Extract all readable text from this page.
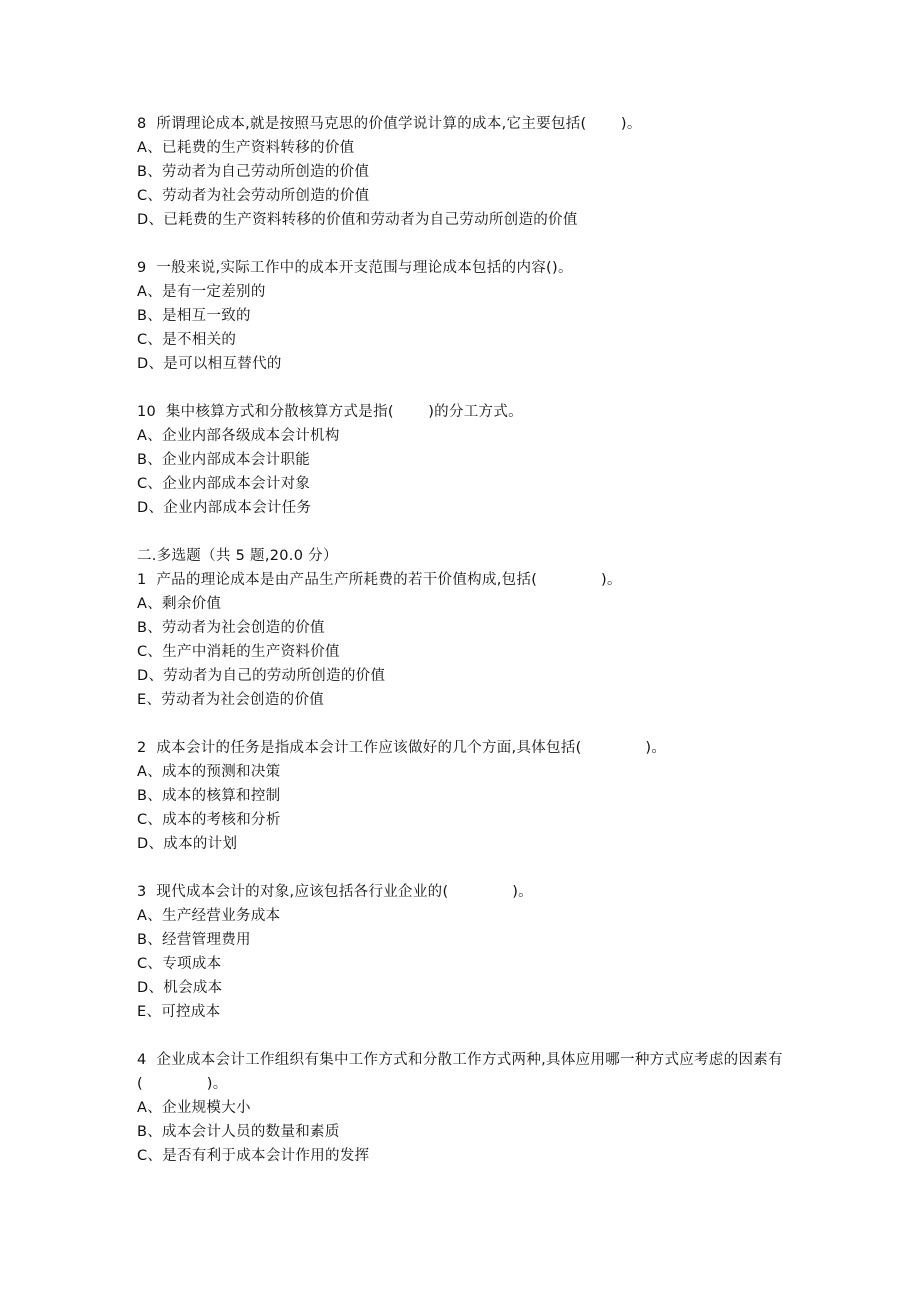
8  所谓理论成本,就是按照马克思的价值学说计算的成本,它主要包括(       )。
A、已耗费的生产资料转移的价值
B、劳动者为自己劳动所创造的价值
C、劳动者为社会劳动所创造的价值
D、已耗费的生产资料转移的价值和劳动者为自己劳动所创造的价值
9  一般来说,实际工作中的成本开支范围与理论成本包括的内容()。
A、是有一定差别的
B、是相互一致的
C、是不相关的
D、是可以相互替代的
10  集中核算方式和分散核算方式是指(       )的分工方式。
A、企业内部各级成本会计机构
B、企业内部成本会计职能
C、企业内部成本会计对象
D、企业内部成本会计任务
二.多选题（共 5 题,20.0 分）
1  产品的理论成本是由产品生产所耗费的若干价值构成,包括(             )。
A、剩余价值
B、劳动者为社会创造的价值
C、生产中消耗的生产资料价值
D、劳动者为自己的劳动所创造的价值
E、劳动者为社会创造的价值
2  成本会计的任务是指成本会计工作应该做好的几个方面,具体包括(             )。
A、成本的预测和决策
B、成本的核算和控制
C、成本的考核和分析
D、成本的计划
3  现代成本会计的对象,应该包括各行业企业的(             )。
A、生产经营业务成本
B、经营管理费用
C、专项成本
D、机会成本
E、可控成本
4  企业成本会计工作组织有集中工作方式和分散工作方式两种,具体应用哪一种方式应考虑的因素有(             )。
A、企业规模大小
B、成本会计人员的数量和素质
C、是否有利于成本会计作用的发挥
